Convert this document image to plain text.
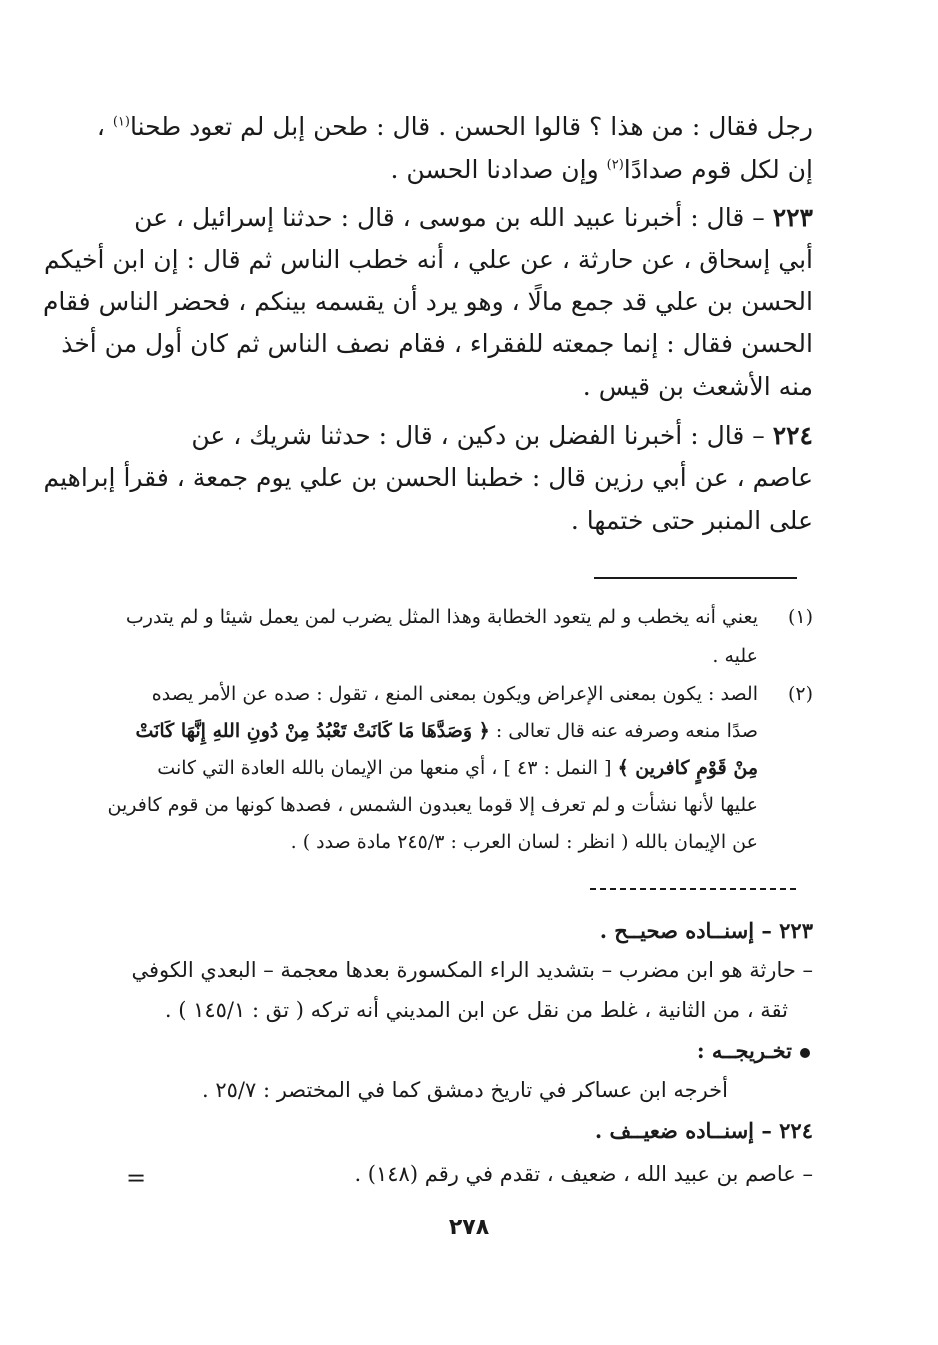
رجل فقال : من هذا ؟ قالوا الحسن . قال : طحن إبل لم تعود طحنا$^{(١)}$ ،
إن لكل قوم صدادًا$^{(٢)}$ وإن صدادنا الحسن .
٢٢٣ – قال : أخبرنا عبيد الله بن موسى ، قال : حدثنا إسرائيل ، عن
أبي إسحاق ، عن حارثة ، عن علي ، أنه خطب الناس ثم قال : إن ابن أخيكم
الحسن بن علي قد جمع مالًا ، وهو يرد أن يقسمه بينكم ، فحضر الناس فقام
الحسن فقال : إنما جمعته للفقراء ، فقام نصف الناس ثم كان أول من أخذ
منه الأشعث بن قيس .
٢٢٤ – قال : أخبرنا الفضل بن دكين ، قال : حدثنا شريك ، عن
عاصم ، عن أبي رزين قال : خطبنا الحسن بن علي يوم جمعة ، فقرأ إبراهيم
على المنبر حتى ختمها .
(١)
يعني أنه يخطب و لم يتعود الخطابة وهذا المثل يضرب لمن يعمل شيئا و لم يتدرب
عليه .
(٢)
الصد : يكون بمعنى الإعراض ويكون بمعنى المنع ، تقول : صده عن الأمر يصده
صدًا منعه وصرفه عنه قال تعالى : ﴿ وَصَدَّهَا مَا كَانَتْ تَعْبُدُ مِنْ دُونِ اللهِ إِنَّهَا كَانَتْ
مِنْ قَوْمٍ كافرين ﴾ [ النمل : ٤٣ ] ، أي منعها من الإيمان بالله العادة التي كانت
عليها لأنها نشأت و لم تعرف إلا قوما يعبدون الشمس ، فصدها كونها من قوم كافرين
عن الإيمان بالله ( انظر : لسان العرب : ٢٤٥/٣ مادة صدد ) .
٢٢٣ – إسنــاده صحيــح .
– حارثة هو ابن مضرب – بتشديد الراء المكسورة بعدها معجمة – البعدي الكوفي
ثقة ، من الثانية ، غلط من نقل عن ابن المديني أنه تركه ( تق : ١٤٥/١ ) .
تخـريجــه :
أخرجه ابن عساكر في تاريخ دمشق كما في المختصر : ٢٥/٧ .
٢٢٤ – إسنــاده ضعيــف .
– عاصم بن عبيد الله ، ضعيف ، تقدم في رقم (١٤٨) .
=
٢٧٨
